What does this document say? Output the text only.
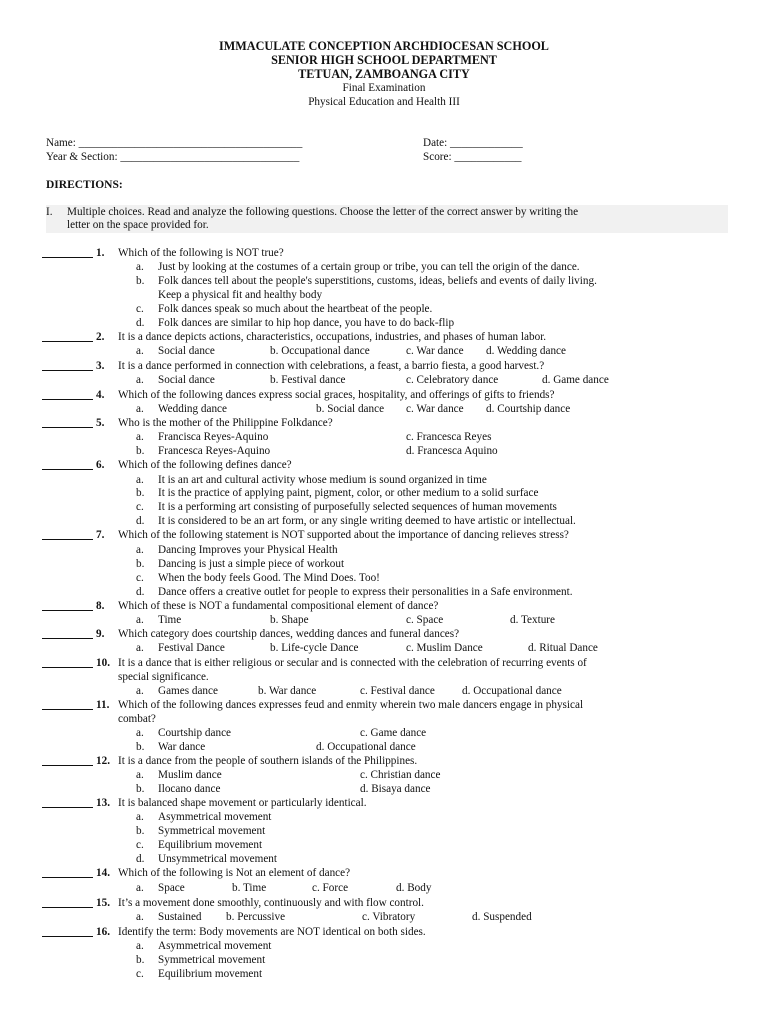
IMMACULATE CONCEPTION ARCHDIOCESAN SCHOOL
SENIOR HIGH SCHOOL DEPARTMENT
TETUAN, ZAMBOANGA CITY
Final Examination
Physical Education and Health III
Name: ________________________________________
Year & Section: ________________________________
Date: _____________
Score: ____________
DIRECTIONS:
I. Multiple choices. Read and analyze the following questions. Choose the letter of the correct answer by writing the
letter on the space provided for.
1. Which of the following is NOT true?
a. Just by looking at the costumes of a certain group or tribe, you can tell the origin of the dance.
b. Folk dances tell about the people's superstitions, customs, ideas, beliefs and events of daily living.
Keep a physical fit and healthy body
c. Folk dances speak so much about the heartbeat of the people.
d. Folk dances are similar to hip hop dance, you have to do back-flip
2. It is a dance depicts actions, characteristics, occupations, industries, and phases of human labor.
a. Social dance	b. Occupational dance	c. War dance d. Wedding dance
3. It is a dance performed in connection with celebrations, a feast, a barrio fiesta, a good harvest.?
a. Social dance	b. Festival dance	c. Celebratory dance	d. Game dance
4. Which of the following dances express social graces, hospitality, and offerings of gifts to friends?
a. Wedding dance	b. Social dance c. War dance d. Courtship dance
5. Who is the mother of the Philippine Folkdance?
a. Francisca Reyes-Aquino	c. Francesca Reyes
b. Francesca Reyes-Aquino	d. Francesca Aquino
6. Which of the following defines dance?
a. It is an art and cultural activity whose medium is sound organized in time
b. It is the practice of applying paint, pigment, color, or other medium to a solid surface
c. It is a performing art consisting of purposefully selected sequences of human movements
d. It is considered to be an art form, or any single writing deemed to have artistic or intellectual.
7. Which of the following statement is NOT supported about the importance of dancing relieves stress?
a. Dancing Improves your Physical Health
b. Dancing is just a simple piece of workout
c. When the body feels Good. The Mind Does. Too!
d. Dance offers a creative outlet for people to express their personalities in a Safe environment.
8. Which of these is NOT a fundamental compositional element of dance?
a. Time	b. Shape	c. Space	d. Texture
9. Which category does courtship dances, wedding dances and funeral dances?
a. Festival Dance	b. Life-cycle Dance	c. Muslim Dance	d. Ritual Dance
10. It is a dance that is either religious or secular and is connected with the celebration of recurring events of
special significance.
a. Games dance	b. War dance	c. Festival dance d. Occupational dance
11. Which of the following dances expresses feud and enmity wherein two male dancers engage in physical
combat?
a. Courtship dance	c. Game dance
b. War dance	d. Occupational dance
12. It is a dance from the people of southern islands of the Philippines.
a. Muslim dance	c. Christian dance
b. Ilocano dance	d. Bisaya dance
13. It is balanced shape movement or particularly identical.
a. Asymmetrical movement
b. Symmetrical movement
c. Equilibrium movement
d. Unsymmetrical movement
14. Which of the following is Not an element of dance?
a. Space	b. Time	c. Force	d. Body
15. It’s a movement done smoothly, continuously and with flow control.
a. Sustained b. Percussive	c. Vibratory	d. Suspended
16. Identify the term: Body movements are NOT identical on both sides.
a. Asymmetrical movement
b. Symmetrical movement
c. Equilibrium movement
